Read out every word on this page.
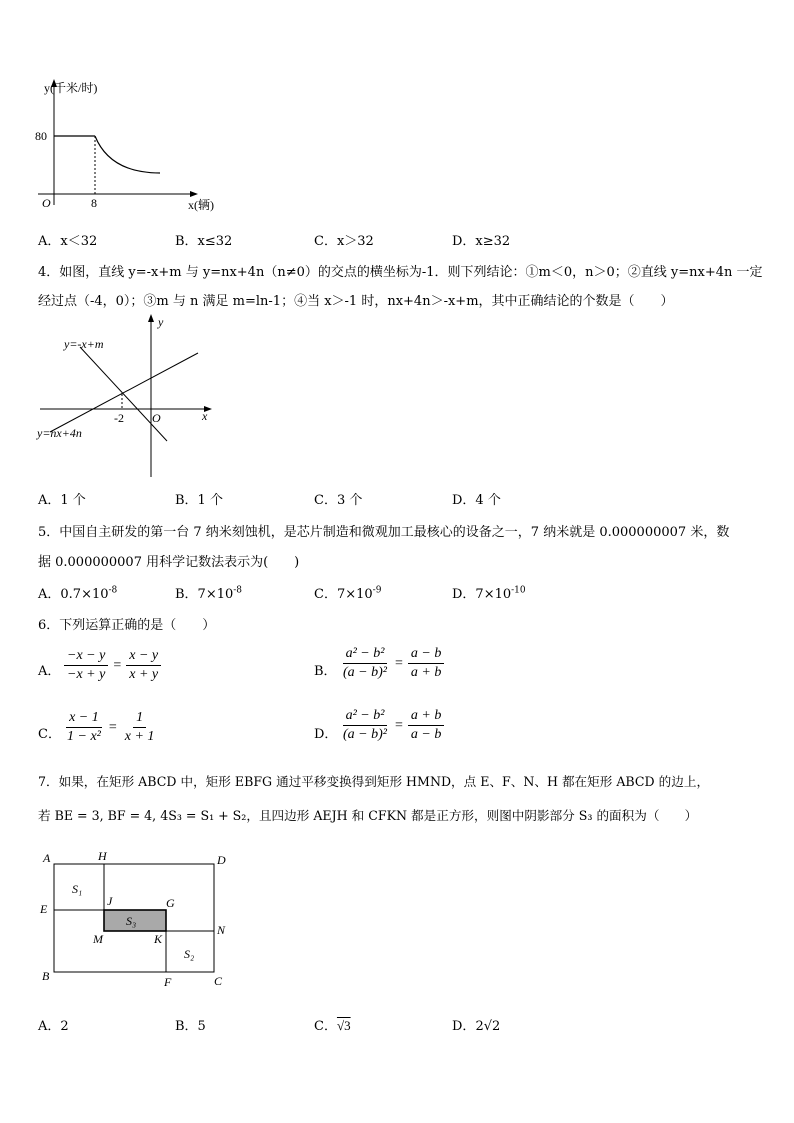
y(千米/时)
80
O	8	x(辆)
A．x＜32	B．x≤32	C．x＞32	D．x≥32
4．如图，直线 y=-x+m 与 y=nx+4n（n≠0）的交点的横坐标为-1．则下列结论：①m＜0，n＞0；②直线 y=nx+4n 一定
经过点（-4，0）；③m 与 n 满足 m=ln-1；④当 x＞-1 时，nx+4n＞-x+m，其中正确结论的个数是（　　）
y=-x+m
y=nx+4n
y
x
-2 O
A．1 个	B．1 个	C．3 个	D．4 个
5．中国自主研发的第一台 7 纳米刻蚀机，是芯片制造和微观加工最核心的设备之一，7 纳米就是 0.000000007 米，数
据 0.000000007 用科学记数法表示为(　　)
A．$0.7\times 10^{-8}$	B．$7\times 10^{-8}$	C．$7\times 10^{-9}$	D．$7\times 10^{-10}$
6．下列运算正确的是（　　）
A． $\frac{-x - y}{-x + y} = \frac{x - y}{x + y}$	B． $\frac{\text{a² − b²}}{\text{(a − b)²}} = \frac{a - b}{a + b}$
C． $\frac{x - 1}{\text{1 − x²}} = \frac{1}{x + 1}$	D． $\frac{\text{a² − b²}}{\text{(a − b)²}} = \frac{a + b}{a - b}$
7．如果，在矩形 ABCD 中，矩形 EBFG 通过平移变换得到矩形 HMND，点 E、F、N、H 都在矩形 ABCD 的边上，
若 BE = 3, BF = 4, 4S₃ = S₁ + S₂，且四边形 AEJH 和 CFKN 都是正方形，则图中阴影部分 S₃ 的面积为（　　）
A	H	D
E
J	G
M	K
N
B	F	C
S₁
S₃
S₂
A．2	B．5	C．√3	D．2√2
